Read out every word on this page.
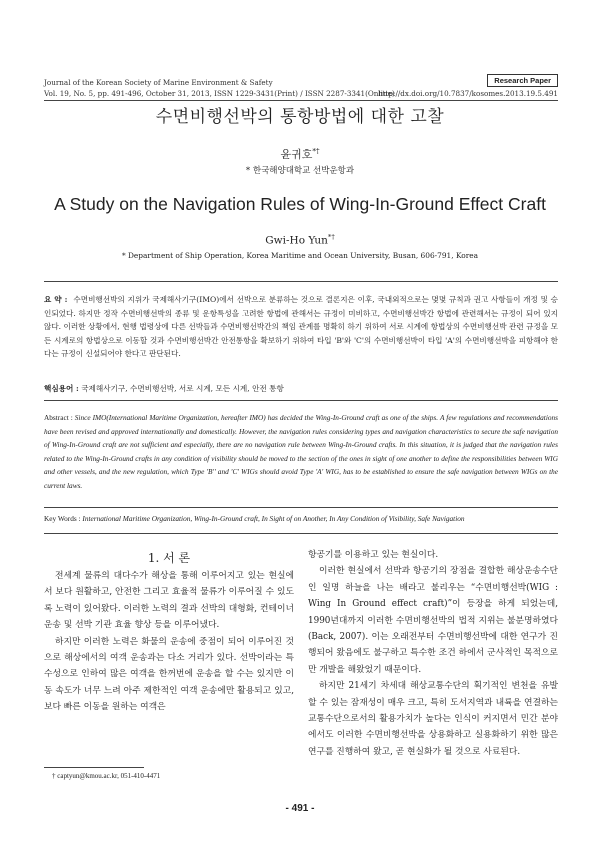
Journal of the Korean Society of Marine Environment & Safety	Research Paper
Vol. 19, No. 5, pp. 491-496, October 31, 2013, ISSN 1229-3431(Print) / ISSN 2287-3341(Online)
http://dx.doi.org/10.7837/kosomes.2013.19.5.491
수면비행선박의 통항방법에 대한 고찰
윤귀호*†
* 한국해양대학교 선박운항과
A Study on the Navigation Rules of Wing-In-Ground Effect Craft
Gwi-Ho Yun*†
* Department of Ship Operation, Korea Maritime and Ocean University, Busan, 606-791, Korea
요 약 : 수면비행선박의 지위가 국제해사기구(IMO)에서 선박으로 분류하는 것으로 결론지은 이후, 국내외적으로는 몇몇 규칙과 권고 사항들이 개정 및 승인되었다. 하지만 정작 수면비행선박의 종류 및 운항특성을 고려한 항법에 관해서는 규정이 미비하고, 수면비행선박간 항법에 관련해서는 규정이 되어 있지 않다. 이러한 상황에서, 현행 법령상에 다른 선박들과 수면비행선박간의 책임 관계를 명확히 하기 위하여 서로 시계에 항법상의 수면비행선박 관련 규정을 모든 시계로의 항법상으로 이동할 것과 수면비행선박간 안전통항을 확보하기 위하여 타입 'B'와 'C'의 수면비행선박이 타입 'A'의 수면비행선박을 피항해야 한다는 규정이 신설되어야 한다고 판단된다.
핵심용어 : 국제해사기구, 수면비행선박, 서로 시계, 모든 시계, 안전 통항
Abstract : Since IMO(International Maritime Organization, hereafter IMO) has decided the Wing-In-Ground craft as one of the ships. A few regulations and recommendations have been revised and approved internationally and domestically. However, the navigation rules considering types and navigation characteristics to secure the safe navigation of Wing-In-Ground craft are not sufficient and especially, there are no navigation rule between Wing-In-Ground crafts. In this situation, it is judged that the navigation rules related to the Wing-In-Ground crafts in any condition of visibility should be moved to the section of the ones in sight of one another to define the responsibilities between WIG and other vessels, and the new regulation, which Type 'B'' and 'C' WIGs should avoid Type 'A' WIG, has to be established to ensure the safe navigation between WIGs on the current laws.
Key Words : International Maritime Organization, Wing-In-Ground craft, In Sight of on Another, In Any Condition of Visibility, Safe Navigation
1. 서 론

전세계 물류의 대다수가 해상을 통해 이루어지고 있는 현실에서 보다 원활하고, 안전한 그리고 효율적 물류가 이루어질 수 있도록 노력이 있어왔다. 이러한 노력의 결과 선박의 대형화, 컨테이너 운송 및 선박 기관 효율 향상 등을 이루어냈다.

하지만 이러한 노력은 화물의 운송에 중점이 되어 이루어진 것으로 해상에서의 여객 운송과는 다소 거리가 있다. 선박이라는 특수성으로 인하여 많은 여객을 한꺼번에 운송을 할 수는 있지만 이동 속도가 너무 느려 아주 제한적인 여객 운송에만 활용되고 있고, 보다 빠른 이동을 원하는 여객은

항공기를 이용하고 있는 현실이다.

이러한 현실에서 선박과 항공기의 장점을 결합한 해상운송수단인 일명 하늘을 나는 배라고 불리우는 “수면비행선박(WIG : Wing In Ground effect craft)”이 등장을 하게 되었는데, 1990년대까지 이러한 수면비행선박의 법적 지위는 불분명하였다(Back, 2007). 이는 오래전부터 수면비행선박에 대한 연구가 진행되어 왔음에도 불구하고 특수한 조건 하에서 군사적인 목적으로만 개발을 해왔었기 때문이다.

하지만 21세기 차세대 해상교통수단의 획기적인 변천을 유발할 수 있는 잠재성이 매우 크고, 특히 도서지역과 내륙을 연결하는 교통수단으로서의 활용가치가 높다는 인식이 커지면서 민간 분야에서도 이러한 수면비행선박을 상용화하고 실용화하기 위한 많은 연구를 진행하여 왔고, 곧 현실화가 될 것으로 사료된다.

† captyun@kmou.ac.kr, 051-410-4471
- 491 -
